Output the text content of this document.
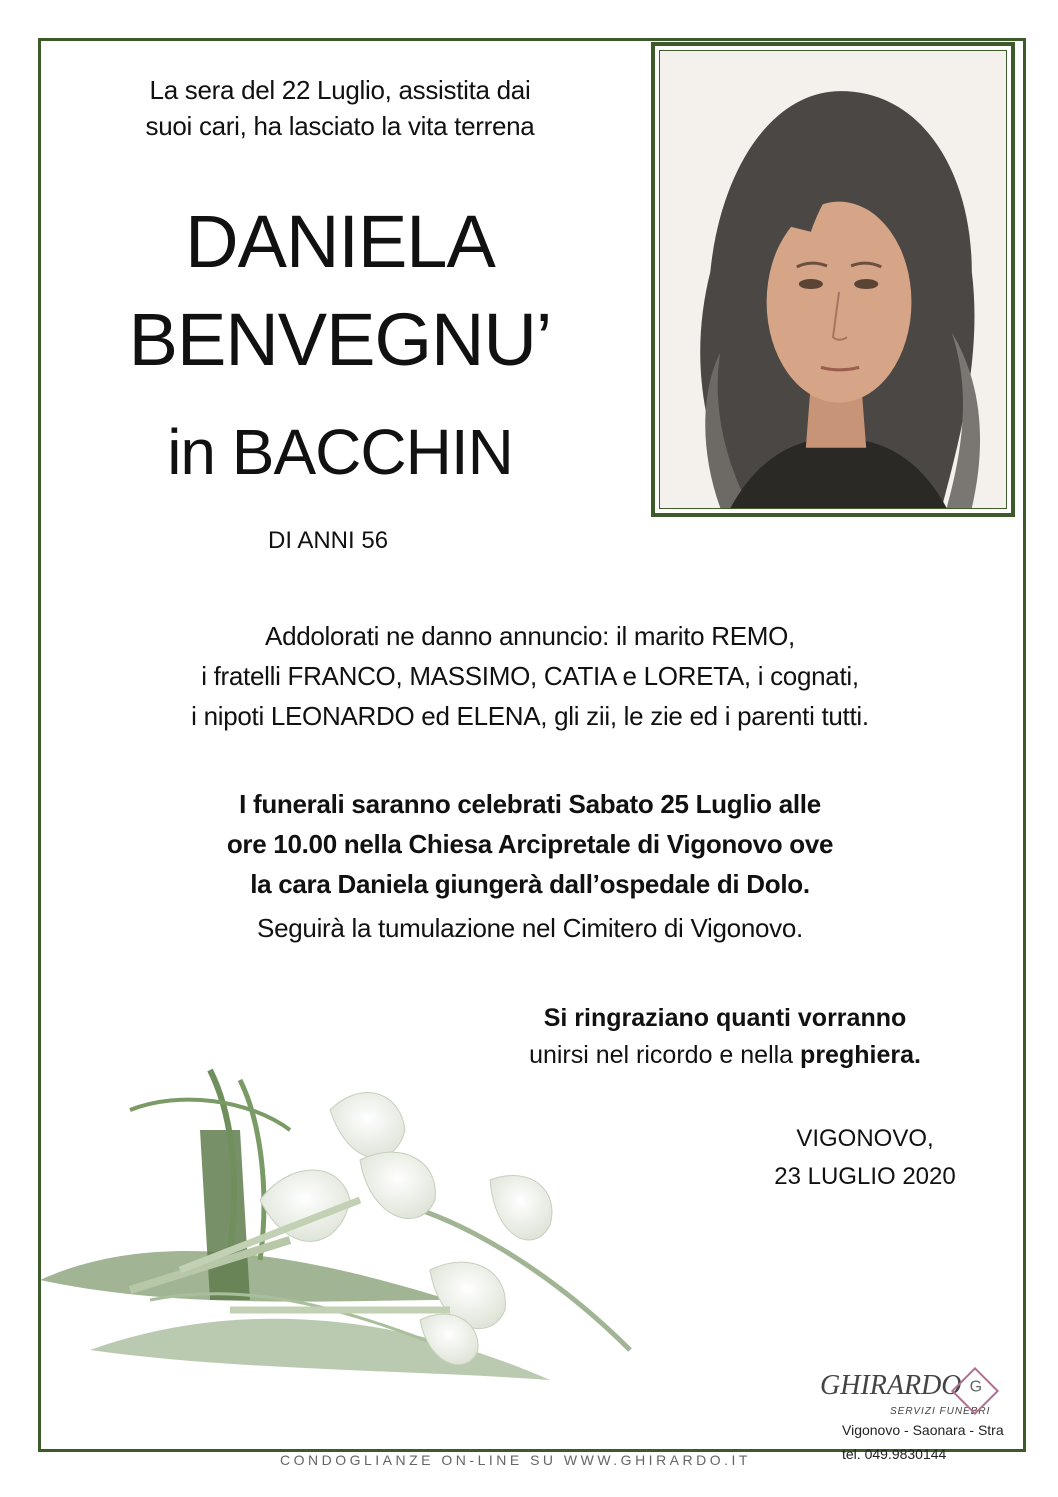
La sera del 22 Luglio, assistita dai
suoi cari, ha lasciato la vita terrena
DANIELA
BENVEGNU’
in BACCHIN
DI ANNI 56
Addolorati ne danno annuncio: il marito REMO,
i fratelli FRANCO, MASSIMO, CATIA e LORETA, i cognati,
i nipoti LEONARDO ed ELENA, gli zii, le zie ed i parenti tutti.
I funerali saranno celebrati Sabato 25 Luglio alle
ore 10.00 nella Chiesa Arcipretale di Vigonovo ove
la cara Daniela giungerà dall’ospedale di Dolo.
Seguirà la tumulazione nel Cimitero di Vigonovo.
Si ringraziano quanti vorranno
unirsi nel ricordo e nella preghiera.
VIGONOVO,
23 LUGLIO 2020
CONDOGLIANZE ON-LINE SU WWW.GHIRARDO.IT
GHIRARDO
SERVIZI FUNEBRI
G
Vigonovo - Saonara - Stra
tel. 049.9830144
